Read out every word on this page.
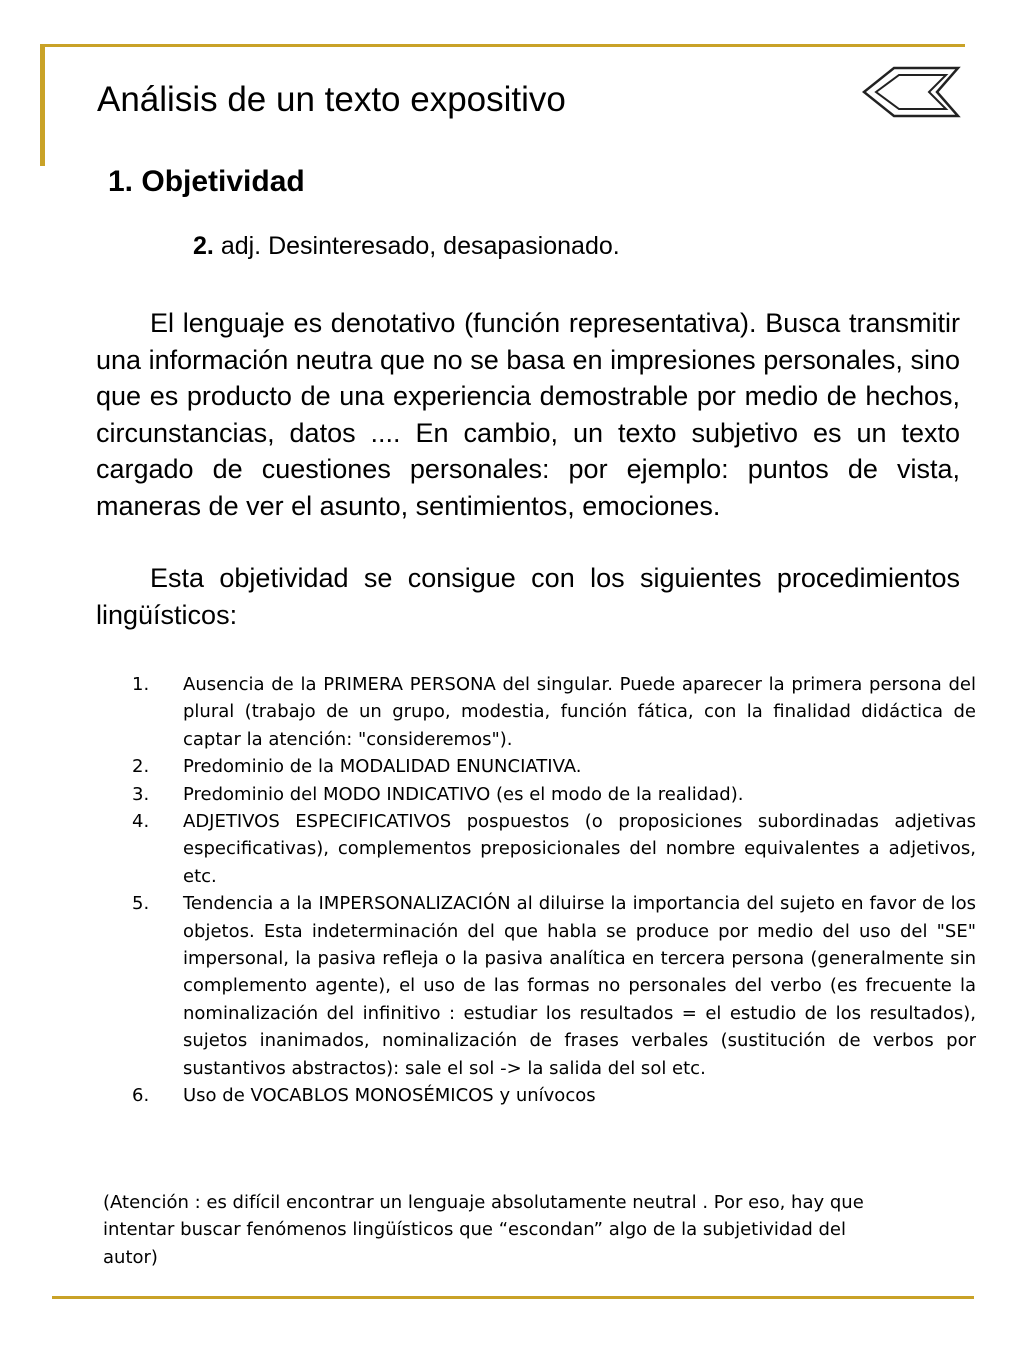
Análisis de un texto expositivo
1. Objetividad
2. adj. Desinteresado, desapasionado.

El lenguaje es denotativo (función representativa). Busca transmitir una información neutra que no se basa en impresiones personales, sino que es producto de una experiencia demostrable por medio de hechos, circunstancias, datos .... En cambio, un texto subjetivo es un texto cargado de cuestiones personales: por ejemplo: puntos de vista, maneras de ver el asunto, sentimientos, emociones.

Esta objetividad se consigue con los siguientes procedimientos lingüísticos:

1. Ausencia de la PRIMERA PERSONA del singular. Puede aparecer la primera persona del plural (trabajo de un grupo, modestia, función fática, con la finalidad didáctica de captar la atención: "consideremos").
2. Predominio de la MODALIDAD ENUNCIATIVA.
3. Predominio del MODO INDICATIVO (es el modo de la realidad).
4. ADJETIVOS ESPECIFICATIVOS pospuestos (o proposiciones subordinadas adjetivas especificativas), complementos preposicionales del nombre equivalentes a adjetivos, etc.
5. Tendencia a la IMPERSONALIZACIÓN al diluirse la importancia del sujeto en favor de los objetos. Esta indeterminación del que habla se produce por medio del uso del "SE" impersonal, la pasiva refleja o la pasiva analítica en tercera persona (generalmente sin complemento agente), el uso de las formas no personales del verbo (es frecuente la nominalización del infinitivo : estudiar los resultados = el estudio de los resultados), sujetos inanimados, nominalización de frases verbales (sustitución de verbos por sustantivos abstractos): sale el sol -> la salida del sol etc.
6. Uso de VOCABLOS MONOSÉMICOS y unívocos

(Atención : es difícil encontrar un lenguaje absolutamente neutral . Por eso, hay que intentar buscar fenómenos lingüísticos que “escondan” algo de la subjetividad del autor)
